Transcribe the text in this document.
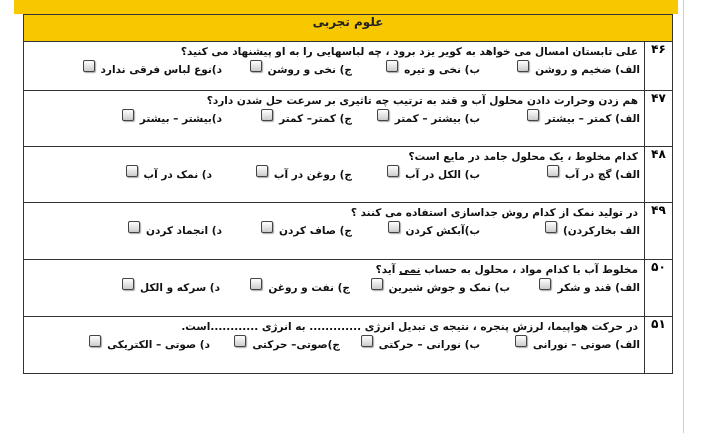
علوم تجربی	
۴۶	علی تابستان امسال می خواهد به کویر یزد برود ، چه لباسهایی را به او پیشنهاد می کنید؟
الف) ضخیم و روشن
ب) نخی و تیره
ج) نخی و روشن
د)نوع لباس فرقی ندارد

۴۷	هم زدن وحرارت دادن محلول آب و قند به ترتیب چه تاثیری بر سرعت حل شدن دارد؟
الف) کمتر – بیشتر
ب) بیشتر – کمتر
ج) کمتر– کمتر
د)بیشتر – بیشتر

۴۸	کدام مخلوط ، یک محلول جامد در مایع است؟
الف) گچ در آب
ب) الکل در آب
ج) روغن در آب
د) نمک در آب

۴۹	در تولید نمک از کدام روش جداسازی استفاده می کنند ؟
الف بخارکردن)
ب)آبکش کردن
ج) صاف کردن
د) انجماد کردن

۵۰	مخلوط آب با کدام مواد ، محلول به حساب نمی آید؟
الف) قند و شکر
ب) نمک و جوش شیرین
ج) نفت و روغن
د) سرکه و الکل

۵۱	در حرکت هواپیما، لرزش پنجره ، نتیجه ی تبدیل انرژی ............. به انرژی ............است.
الف) صوتی – نورانی
ب) نورانی – حرکتی
ج)صوتی– حرکتی
د) صوتی – الکتریکی
